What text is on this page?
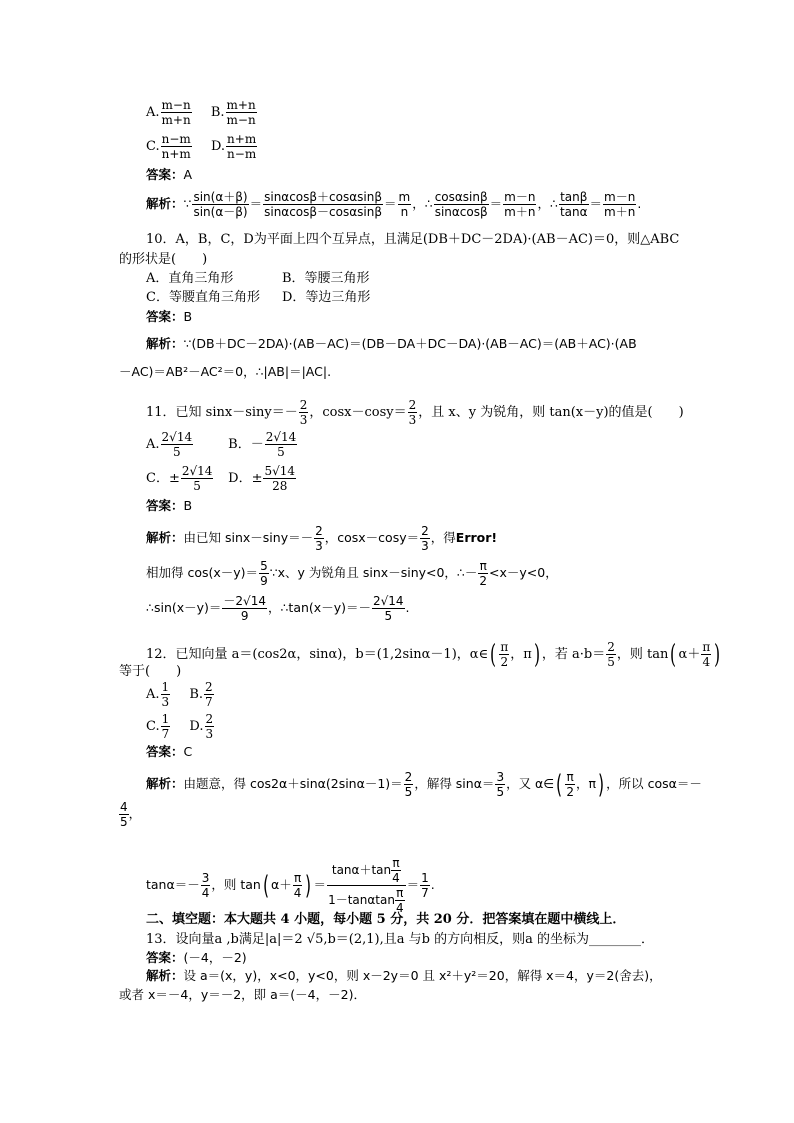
A. $\frac{m-n}{m+n} B$. $\frac{m+n}{m-n}$
C. $\frac{n-m}{n+m} D$. $\frac{n+m}{n-m}$
答案：A
解析：∵ $\frac{\sin(\alpha+\beta)}{\sin(\alpha-\beta)} = \frac{\sin\alpha\cos\beta+\cos\alpha\sin\beta}{\sin\alpha\cos\beta-\cos\alpha\sin\beta} = \frac{m}{n}$ ，∴ $\frac{\cos\alpha\sin\beta}{\sin\alpha\cos\beta} = \frac{m-n}{m+n}$ ，∴ $\frac{\tan\beta}{\tan\alpha} = \frac{m-n}{m+n}$ .
10．A，B，C，D为平面上四个互异点，且满足(DB＋DC－2DA)·(AB－AC)＝0，则△ABC
的形状是(　　)
A．直角三角形	B．等腰三角形
C．等腰直角三角形 D．等边三角形
答案：B
解析：∵(DB＋DC－2DA)·(AB－AC)＝(DB－DA＋DC－DA)·(AB－AC)＝(AB＋AC)·(AB
－AC)＝AB²－AC²＝0，∴|AB|＝|AC|.
11．已知 $\sin x-\sin y=- \frac{2}{3}$ ，$\cos x-\cos y= \frac{2}{3}$ ，且 x、y 为锐角，则 tan(x－y)的值是(　　)
A. $\frac{2√14}{5}$	B．－ $\frac{2√14}{5}$
C．± $\frac{2√14}{5}$ D．± $\frac{5√14}{28}$
答案：B
解析：由已知 $\sin x-\sin y=- \frac{2}{3}$ ，$\cos x-\cos y= \frac{2}{3}$ ，得Error!
相加得 $\cos(x-y)= \frac{5}{9}$ ∵x、y 为锐角且 sinx－siny<0，∴－ $\frac{\pi}{2} <x-y<0$，
∴sin(x－y)＝ $\frac{-2√14}{9}$ ，∴tan(x－y)＝－ $\frac{2√14}{5}$ .
12．已知向量 a＝(cos2α，sinα)，b＝(1,2sinα－1)，α∈( $\frac{\pi}{2}$ ，π) ，若 $a\cdot b= \frac{2}{5}$ ，则 tan( $\alpha+ \frac{\pi}{4}$ )
等于(　　)
A. $\frac{1}{3} B$. $\frac{2}{7}$
C. $\frac{1}{7} D$. $\frac{2}{3}$
答案：C
解析：由题意，得 $\cos 2\alpha+\sin\alpha(2\sin\alpha-1)= \frac{2}{5}$ ，解得 $\sin\alpha= \frac{3}{5}$ ，又 α∈( $\frac{\pi}{2}$ ，π) ，所以 cosα＝－
$\frac{4}{5}$ ，
$\tan\alpha=- \frac{3}{4}$ ，则 tan( $\alpha+ \frac{\pi}{4}$ ) ＝ $\frac{\tan\alpha+\tan \frac{\pi}{4}}{1-\tan\alpha\tan \frac{\pi}{4}} = \frac{1}{7}$ .
二、填空题：本大题共 4 小题，每小题 5 分，共 20 分．把答案填在题中横线上．
13．设向量a ,b满足|a|＝2 √5,b＝(2,1),且a 与b 的方向相反，则a 的坐标为________．
答案：(－4，－2)
解析：设 a＝(x，y)，x<0，y<0，则 x－2y＝0 且 x²＋y²＝20，解得 x＝4，y＝2(舍去)，
或者 x＝－4，y＝－2，即 a＝(－4，－2)．
